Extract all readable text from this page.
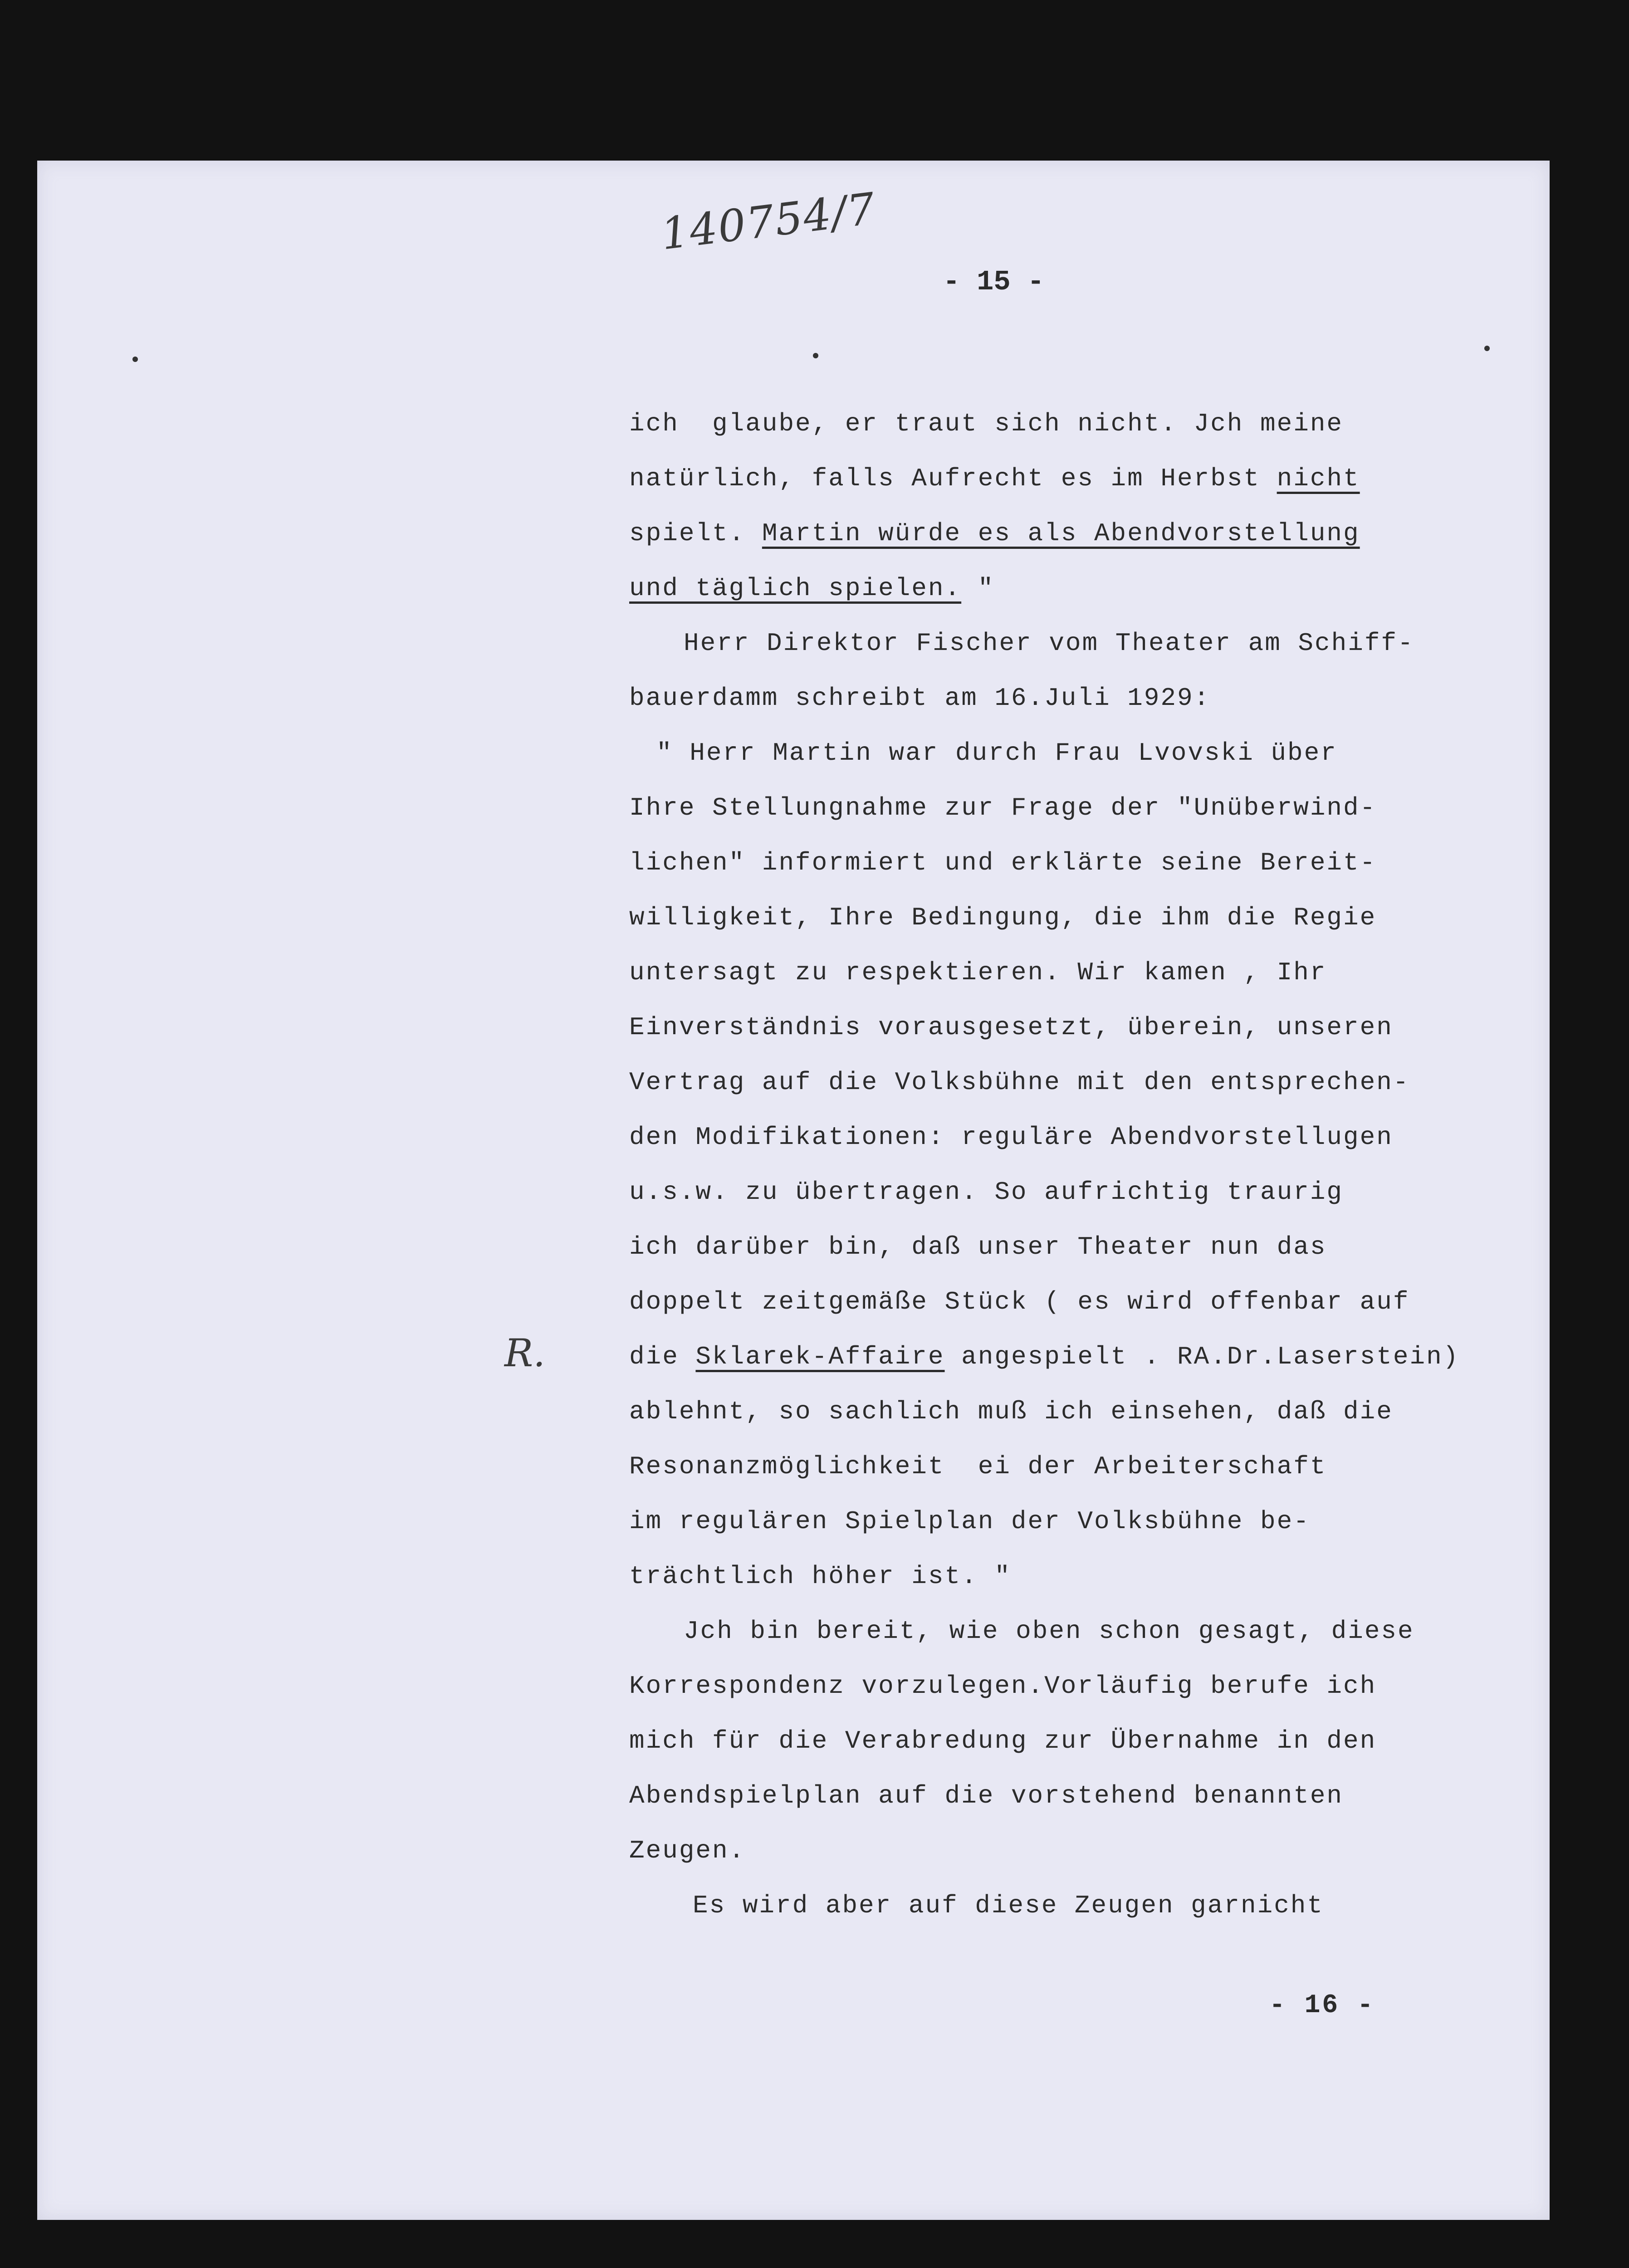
140754/7
- 15 -
ich  glaube, er traut sich nicht. Jch meine
natürlich, falls Aufrecht es im Herbst nicht
spielt. Martin würde es als Abendvorstellung
und täglich spielen. "
Herr Direktor Fischer vom Theater am Schiff-
bauerdamm schreibt am 16.Juli 1929:
" Herr Martin war durch Frau Lvovski über
Ihre Stellungnahme zur Frage der "Unüberwind-
lichen" informiert und erklärte seine Bereit-
willigkeit, Ihre Bedingung, die ihm die Regie
untersagt zu respektieren. Wir kamen , Ihr
Einverständnis vorausgesetzt, überein, unseren
Vertrag auf die Volksbühne mit den entsprechen-
den Modifikationen: reguläre Abendvorstellugen
u.s.w. zu übertragen. So aufrichtig traurig
ich darüber bin, daß unser Theater nun das
doppelt zeitgemäße Stück ( es wird offenbar auf
die Sklarek-Affaire angespielt . RA.Dr.Laserstein)
ablehnt, so sachlich muß ich einsehen, daß die
Resonanzmöglichkeit  ei der Arbeiterschaft
im regulären Spielplan der Volksbühne be-
trächtlich höher ist. "
Jch bin bereit, wie oben schon gesagt, diese
Korrespondenz vorzulegen.Vorläufig berufe ich
mich für die Verabredung zur Übernahme in den
Abendspielplan auf die vorstehend benannten
Zeugen.
Es wird aber auf diese Zeugen garnicht
R.
- 16 -
